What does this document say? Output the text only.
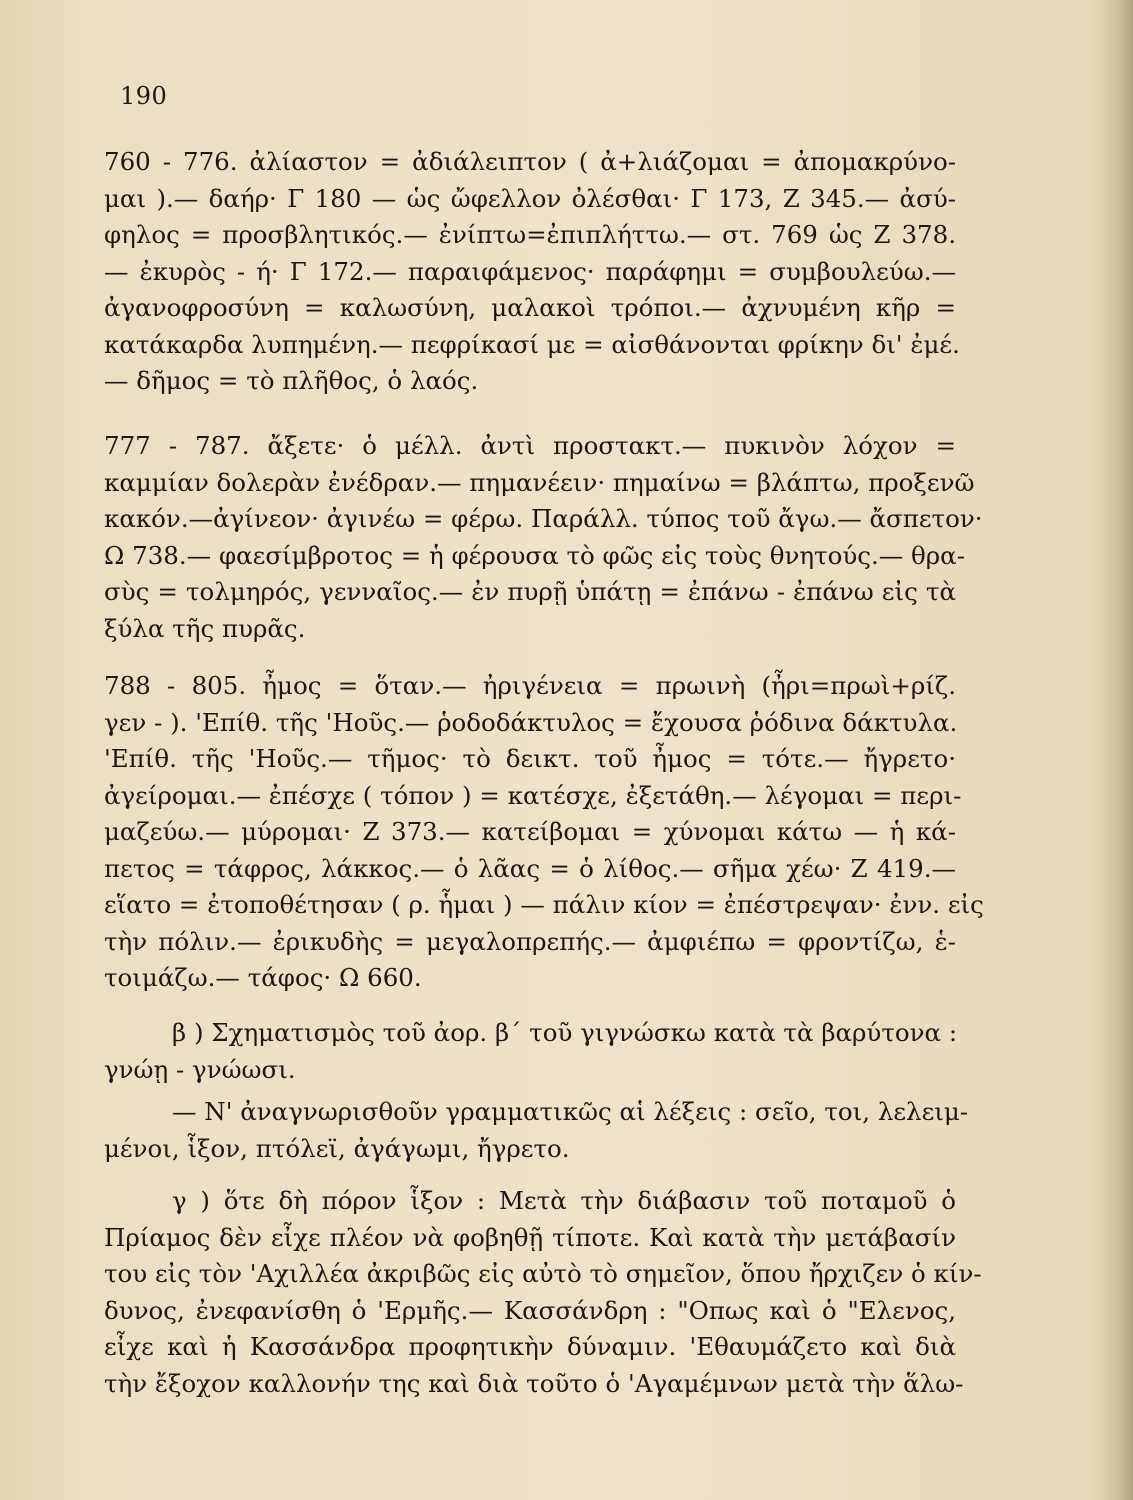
190
760 - 776. ἀλίαστον = ἀδιάλειπτον ( ἀ+λιάζομαι = ἀπομακρύνο-
μαι ).— δαήρ· Γ 180 — ὡς ὤφελλον ὀλέσθαι· Γ 173, Ζ 345.— ἀσύ-
φηλος = προσβλητικός.— ἐνίπτω=ἐπιπλήττω.— στ. 769 ὡς Ζ 378.
— ἐκυρὸς - ή· Γ 172.— παραιφάμενος· παράφημι = συμβουλεύω.—
ἀγανοφροσύνη = καλωσύνη, μαλακοὶ τρόποι.— ἀχνυμένη κῆρ =
κατάκαρδα λυπημένη.— πεφρίκασί με = αἰσθάνονται φρίκην δι' ἐμέ.
— δῆμος = τὸ πλῆθος, ὁ λαός.
777 - 787. ἄξετε· ὁ μέλλ. ἀντὶ προστακτ.— πυκινὸν λόχον =
καμμίαν δολερὰν ἐνέδραν.— πημανέειν· πημαίνω = βλάπτω, προξενῶ
κακόν.—ἀγίνεον· ἀγινέω = φέρω. Παράλλ. τύπος τοῦ ἄγω.— ἄσπετον·
Ω 738.— φαεσίμβροτος = ἡ φέρουσα τὸ φῶς εἰς τοὺς θνητούς.— θρα-
σὺς = τολμηρός, γενναῖος.— ἐν πυρῇ ὑπάτῃ = ἐπάνω - ἐπάνω εἰς τὰ
ξύλα τῆς πυρᾶς.
788 - 805. ἦμος = ὅταν.— ἠριγένεια = πρωινὴ (ἦρι=πρωὶ+ρίζ.
γεν - ). 'Επίθ. τῆς 'Ηοῦς.— ῥοδοδάκτυλος = ἔχουσα ῥόδινα δάκτυλα.
'Επίθ. τῆς 'Ηοῦς.— τῆμος· τὸ δεικτ. τοῦ ἦμος = τότε.— ἤγρετο·
ἀγείρομαι.— ἐπέσχε ( τόπον ) = κατέσχε, ἐξετάθη.— λέγομαι = περι-
μαζεύω.— μύρομαι· Ζ 373.— κατείβομαι = χύνομαι κάτω — ἡ κά-
πετος = τάφρος, λάκκος.— ὁ λᾶας = ὁ λίθος.— σῆμα χέω· Ζ 419.—
εἵατο = ἐτοποθέτησαν ( ρ. ἧμαι ) — πάλιν κίον = ἐπέστρεψαν· ἐνν. εἰς
τὴν πόλιν.— ἐρικυδὴς = μεγαλοπρεπής.— ἀμφιέπω = φροντίζω, ἑ-
τοιμάζω.— τάφος· Ω 660.
β ) Σχηματισμὸς τοῦ ἀορ. β΄ τοῦ γιγνώσκω κατὰ τὰ βαρύτονα :
γνώῃ - γνώωσι.
— Ν' ἀναγνωρισθοῦν γραμματικῶς αἱ λέξεις : σεῖο, τοι, λελειμ-
μένοι, ἷξον, πτόλεϊ, ἀγάγωμι, ἤγρετο.
γ ) ὅτε δὴ πόρον ἷξον : Μετὰ τὴν διάβασιν τοῦ ποταμοῦ ὁ
Πρίαμος δὲν εἶχε πλέον νὰ φοβηθῇ τίποτε. Καὶ κατὰ τὴν μετάβασίν
του εἰς τὸν 'Αχιλλέα ἀκριβῶς εἰς αὐτὸ τὸ σημεῖον, ὅπου ἤρχιζεν ὁ κίν-
δυνος, ἐνεφανίσθη ὁ 'Ερμῆς.— Κασσάνδρη : "Οπως καὶ ὁ "Ελενος,
εἶχε καὶ ἡ Κασσάνδρα προφητικὴν δύναμιν. 'Εθαυμάζετο καὶ διὰ
τὴν ἔξοχον καλλονήν της καὶ διὰ τοῦτο ὁ 'Αγαμέμνων μετὰ τὴν ἅλω-
